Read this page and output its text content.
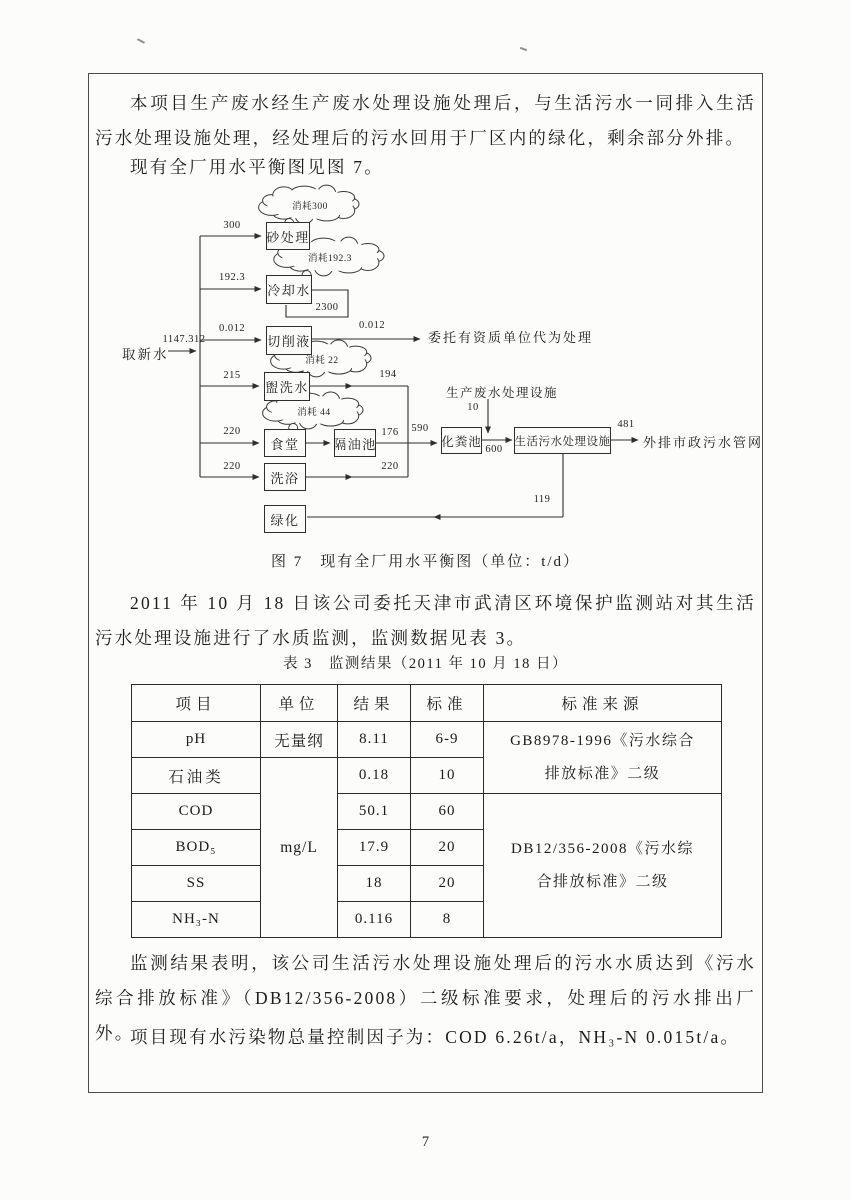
本项目生产废水经生产废水处理设施处理后，与生活污水一同排入生活污水处理设施处理，经处理后的污水回用于厂区内的绿化，剩余部分外排。
现有全厂用水平衡图见图 7。
消耗300
消耗192.3
消耗 22
消耗 44
取新水
砂处理
冷却水
切削液
盥洗水
食堂	隔油池
洗浴
绿化
化粪池	生活污水处理设施
1147.312
300
192.3
0.012
215
220
220
2300
0.012
194
176	590
220
10
600
481
119
委托有资质单位代为处理
生产废水处理设施
外排市政污水管网
图 7　现有全厂用水平衡图（单位：t/d）
2011 年 10 月 18 日该公司委托天津市武清区环境保护监测站对其生活污水处理设施进行了水质监测，监测数据见表 3。
表 3　监测结果（2011 年 10 月 18 日）
项目	单位	结果	标准	标准来源
pH	无量纲	8.11	6-9	GB8978-1996《污水综合排放标准》二级
石油类	mg/L	0.18	10	
COD		50.1	60	DB12/356-2008《污水综合排放标准》二级
BOD₅		17.9	20	
SS		18	20	
NH₃-N		0.116	8	
监测结果表明，该公司生活污水处理设施处理后的污水水质达到《污水综合排放标准》（DB12/356-2008）二级标准要求，处理后的污水排出厂外。
项目现有水污染物总量控制因子为：COD 6.26t/a，NH₃-N 0.015t/a。
7
